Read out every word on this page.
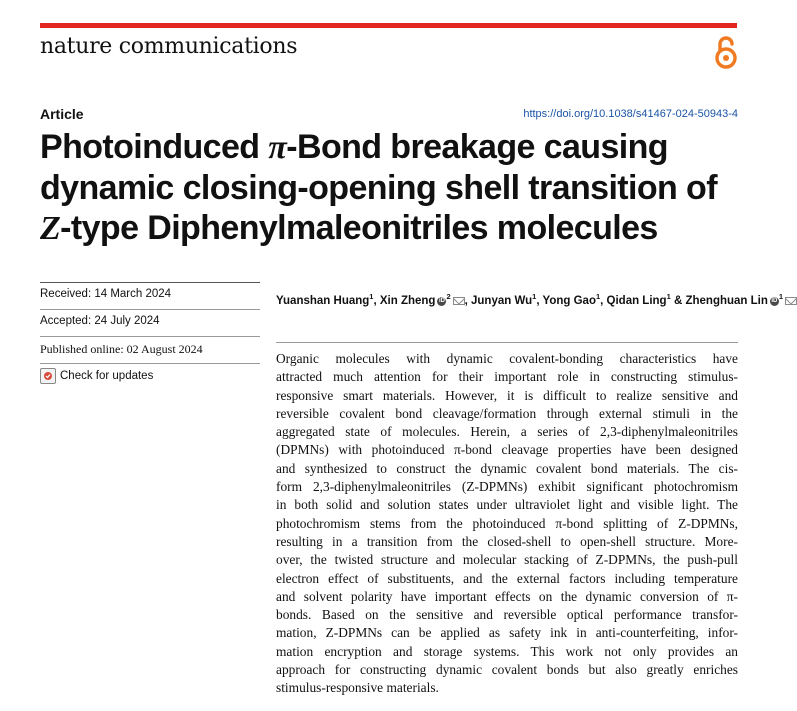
nature communications
Article	https://doi.org/10.1038/s41467-024-50943-4
Photoinduced π-Bond breakage causing
dynamic closing-opening shell transition of
Z-type Diphenylmaleonitriles molecules
Received: 14 March 2024
Accepted: 24 July 2024
Published online: 02 August 2024
Check for updates
Yuanshan Huang$^1$, Xin Zheng iD $^2$ , Junyan Wu$^1$, Yong Gao$^1$, Qidan Ling$^1$ & Zhenghuan Lin iD $^1$

Organic molecules with dynamic covalent-bonding characteristics have
attracted much attention for their important role in constructing stimulus-
responsive smart materials. However, it is difficult to realize sensitive and
reversible covalent bond cleavage/formation through external stimuli in the
aggregated state of molecules. Herein, a series of 2,3-diphenylmaleonitriles
(DPMNs) with photoinduced π-bond cleavage properties have been designed
and synthesized to construct the dynamic covalent bond materials. The cis-
form 2,3-diphenylmaleonitriles (Z-DPMNs) exhibit significant photochromism
in both solid and solution states under ultraviolet light and visible light. The
photochromism stems from the photoinduced π-bond splitting of Z-DPMNs,
resulting in a transition from the closed-shell to open-shell structure. More-
over, the twisted structure and molecular stacking of Z-DPMNs, the push-pull
electron effect of substituents, and the external factors including temperature
and solvent polarity have important effects on the dynamic conversion of π-
bonds. Based on the sensitive and reversible optical performance transfor-
mation, Z-DPMNs can be applied as safety ink in anti-counterfeiting, infor-
mation encryption and storage systems. This work not only provides an
approach for constructing dynamic covalent bonds but also greatly enriches
stimulus-responsive materials.
